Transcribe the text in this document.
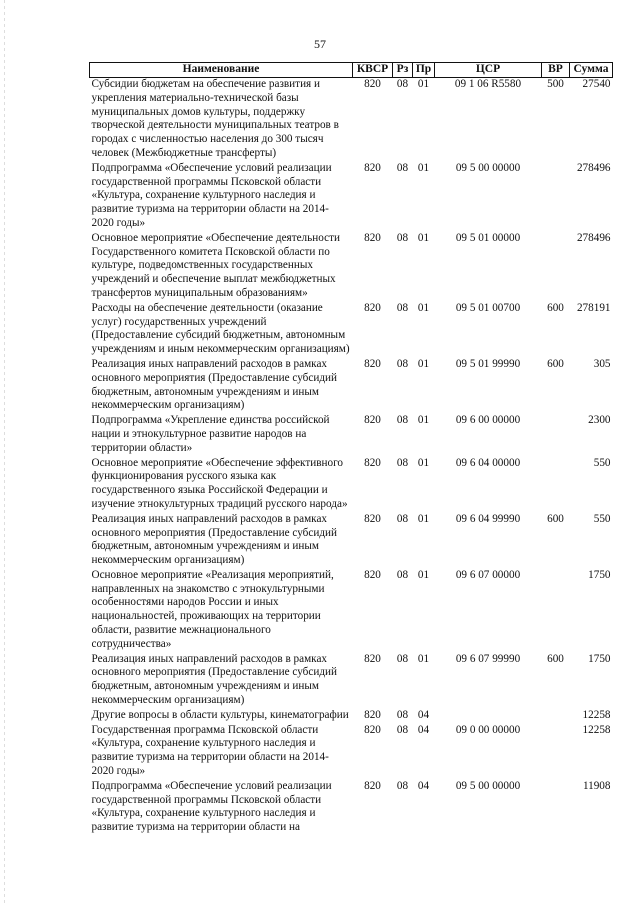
57
Наименование	КВСР	Рз	Пр	ЦСР	ВР	Сумма
Субсидии бюджетам на обеспечение развития и укрепления материально-технической базы муниципальных домов культуры, поддержку творческой деятельности муниципальных театров в городах с численностью населения до 300 тысяч человек (Межбюджетные трансферты)	820	08	01	09 1 06 R5580	500	27540
Подпрограмма «Обеспечение условий реализации государственной программы Псковской области «Культура, сохранение культурного наследия и развитие туризма на территории области на 2014-2020 годы»	820	08	01	09 5 00 00000		278496
Основное мероприятие «Обеспечение деятельности Государственного комитета Псковской области по культуре, подведомственных государственных учреждений и обеспечение выплат межбюджетных трансфертов муниципальным образованиям»	820	08	01	09 5 01 00000		278496
Расходы на обеспечение деятельности (оказание услуг) государственных учреждений (Предоставление субсидий бюджетным, автономным учреждениям и иным некоммерческим организациям)	820	08	01	09 5 01 00700	600	278191
Реализация иных направлений расходов в рамках основного мероприятия (Предоставление субсидий бюджетным, автономным учреждениям и иным некоммерческим организациям)	820	08	01	09 5 01 99990	600	305
Подпрограмма «Укрепление единства российской нации и этнокультурное развитие народов на территории области»	820	08	01	09 6 00 00000		2300
Основное мероприятие «Обеспечение эффективного функционирования русского языка как государственного языка Российской Федерации и изучение этнокультурных традиций русского народа»	820	08	01	09 6 04 00000		550
Реализация иных направлений расходов в рамках основного мероприятия (Предоставление субсидий бюджетным, автономным учреждениям и иным некоммерческим организациям)	820	08	01	09 6 04 99990	600	550
Основное мероприятие «Реализация мероприятий, направленных на знакомство с этнокультурными особенностями народов России и иных национальностей, проживающих на территории области, развитие межнационального сотрудничества»	820	08	01	09 6 07 00000		1750
Реализация иных направлений расходов в рамках основного мероприятия (Предоставление субсидий бюджетным, автономным учреждениям и иным некоммерческим организациям)	820	08	01	09 6 07 99990	600	1750
Другие вопросы в области культуры, кинематографии	820	08	04			12258
Государственная программа Псковской области «Культура, сохранение культурного наследия и развитие туризма на территории области на 2014-2020 годы»	820	08	04	09 0 00 00000		12258
Подпрограмма «Обеспечение условий реализации государственной программы Псковской области «Культура, сохранение культурного наследия и развитие туризма на территории области на	820	08	04	09 5 00 00000		11908
